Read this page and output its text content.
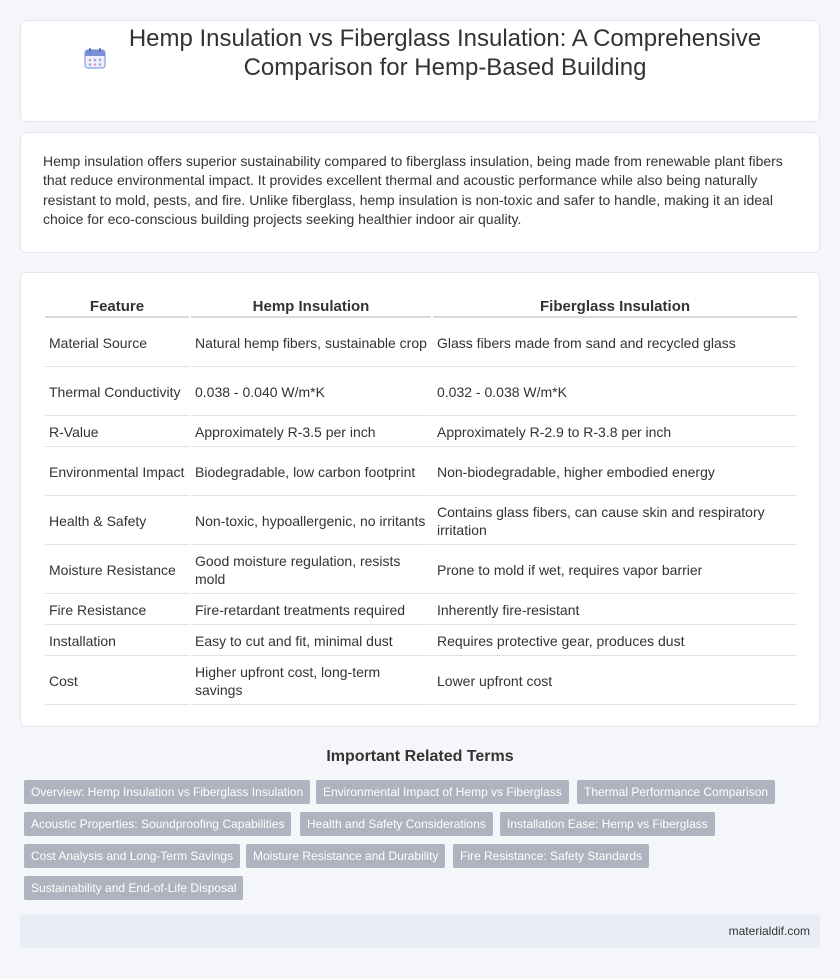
Hemp Insulation vs Fiberglass Insulation: A Comprehensive Comparison for Hemp-Based Building

Hemp insulation offers superior sustainability compared to fiberglass insulation, being made from renewable plant fibers that reduce environmental impact. It provides excellent thermal and acoustic performance while also being naturally resistant to mold, pests, and fire. Unlike fiberglass, hemp insulation is non-toxic and safer to handle, making it an ideal choice for eco-conscious building projects seeking healthier indoor air quality.

Feature	Hemp Insulation	Fiberglass Insulation
Material Source	Natural hemp fibers, sustainable crop	Glass fibers made from sand and recycled glass
Thermal Conductivity	0.038 - 0.040 W/m*K	0.032 - 0.038 W/m*K
R-Value	Approximately R-3.5 per inch	Approximately R-2.9 to R-3.8 per inch
Environmental Impact	Biodegradable, low carbon footprint	Non-biodegradable, higher embodied energy
Health & Safety	Non-toxic, hypoallergenic, no irritants	Contains glass fibers, can cause skin and respiratory irritation
Moisture Resistance	Good moisture regulation, resists mold	Prone to mold if wet, requires vapor barrier
Fire Resistance	Fire-retardant treatments required	Inherently fire-resistant
Installation	Easy to cut and fit, minimal dust	Requires protective gear, produces dust
Cost	Higher upfront cost, long-term savings	Lower upfront cost
Important Related Terms
Overview: Hemp Insulation vs Fiberglass Insulation	Environmental Impact of Hemp vs Fiberglass	Thermal Performance Comparison
Acoustic Properties: Soundproofing Capabilities	Health and Safety Considerations	Installation Ease: Hemp vs Fiberglass
Cost Analysis and Long-Term Savings	Moisture Resistance and Durability	Fire Resistance: Safety Standards
Sustainability and End-of-Life Disposal
materialdif.com
